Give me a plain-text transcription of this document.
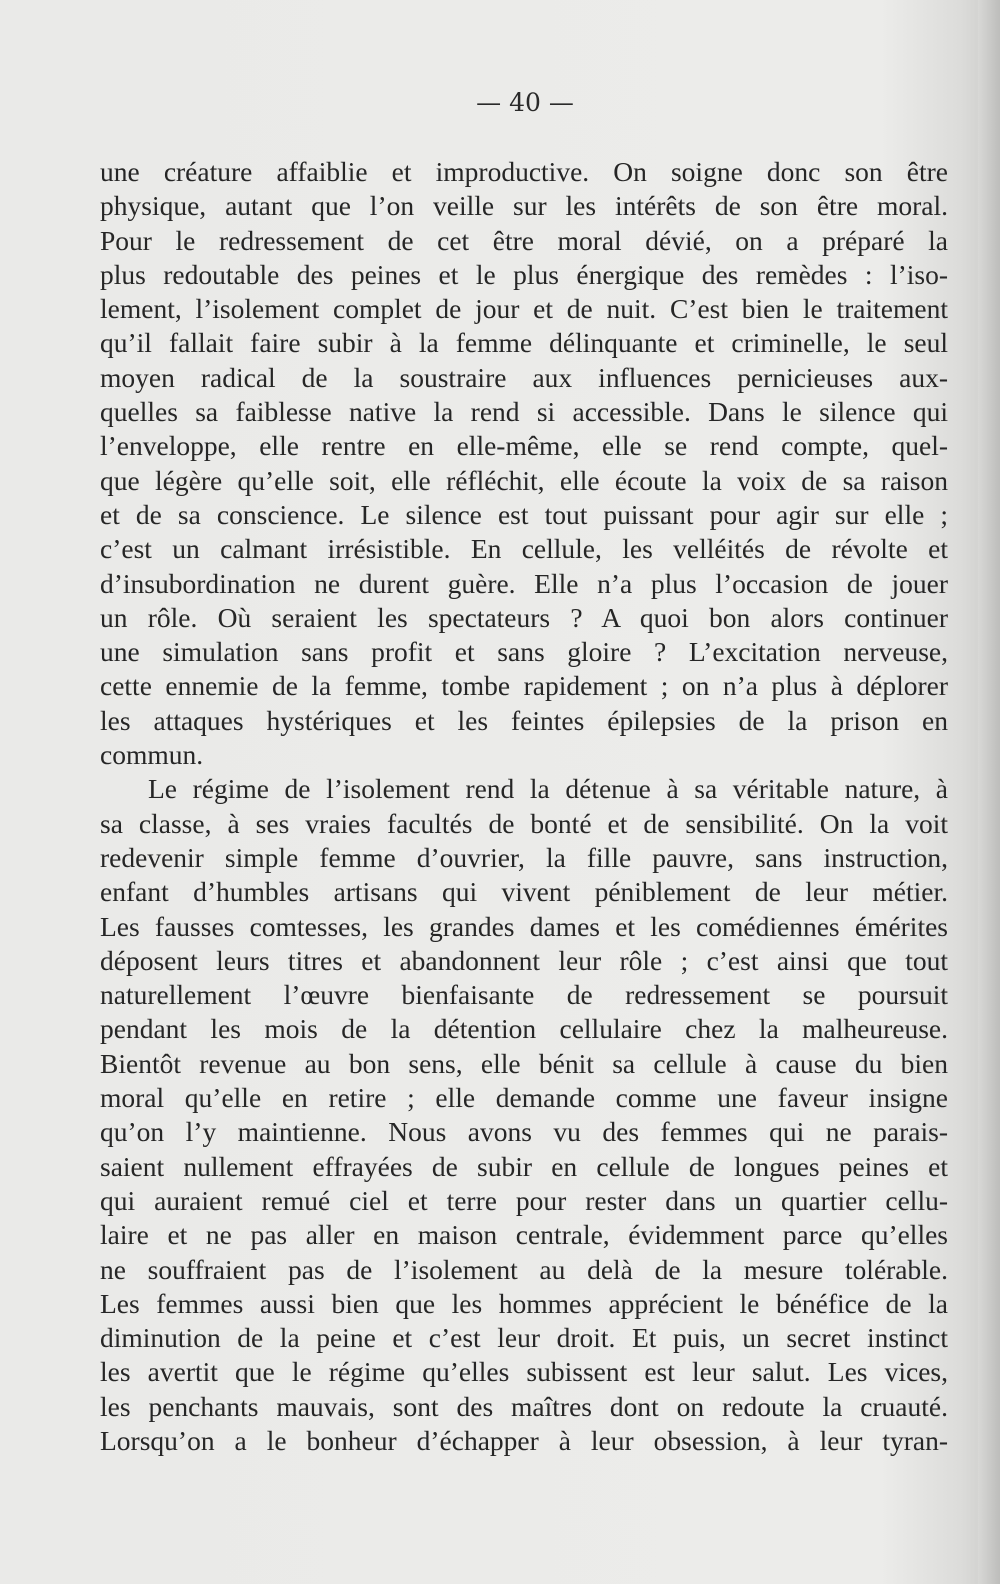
— 40 —
une créature affaiblie et improductive. On soigne donc son être
physique, autant que l’on veille sur les intérêts de son être moral.
Pour le redressement de cet être moral dévié, on a préparé la
plus redoutable des peines et le plus énergique des remèdes : l’iso-
lement, l’isolement complet de jour et de nuit. C’est bien le traitement
qu’il fallait faire subir à la femme délinquante et criminelle, le seul
moyen radical de la soustraire aux influences pernicieuses aux-
quelles sa faiblesse native la rend si accessible. Dans le silence qui
l’enveloppe, elle rentre en elle-même, elle se rend compte, quel-
que légère qu’elle soit, elle réfléchit, elle écoute la voix de sa raison
et de sa conscience. Le silence est tout puissant pour agir sur elle ;
c’est un calmant irrésistible. En cellule, les velléités de révolte et
d’insubordination ne durent guère. Elle n’a plus l’occasion de jouer
un rôle. Où seraient les spectateurs ? A quoi bon alors continuer
une simulation sans profit et sans gloire ? L’excitation nerveuse,
cette ennemie de la femme, tombe rapidement ; on n’a plus à déplorer
les attaques hystériques et les feintes épilepsies de la prison en
commun.
Le régime de l’isolement rend la détenue à sa véritable nature, à
sa classe, à ses vraies facultés de bonté et de sensibilité. On la voit
redevenir simple femme d’ouvrier, la fille pauvre, sans instruction,
enfant d’humbles artisans qui vivent péniblement de leur métier.
Les fausses comtesses, les grandes dames et les comédiennes émérites
déposent leurs titres et abandonnent leur rôle ; c’est ainsi que tout
naturellement l’œuvre bienfaisante de redressement se poursuit
pendant les mois de la détention cellulaire chez la malheureuse.
Bientôt revenue au bon sens, elle bénit sa cellule à cause du bien
moral qu’elle en retire ; elle demande comme une faveur insigne
qu’on l’y maintienne. Nous avons vu des femmes qui ne parais-
saient nullement effrayées de subir en cellule de longues peines et
qui auraient remué ciel et terre pour rester dans un quartier cellu-
laire et ne pas aller en maison centrale, évidemment parce qu’elles
ne souffraient pas de l’isolement au delà de la mesure tolérable.
Les femmes aussi bien que les hommes apprécient le bénéfice de la
diminution de la peine et c’est leur droit. Et puis, un secret instinct
les avertit que le régime qu’elles subissent est leur salut. Les vices,
les penchants mauvais, sont des maîtres dont on redoute la cruauté.
Lorsqu’on a le bonheur d’échapper à leur obsession, à leur tyran-
